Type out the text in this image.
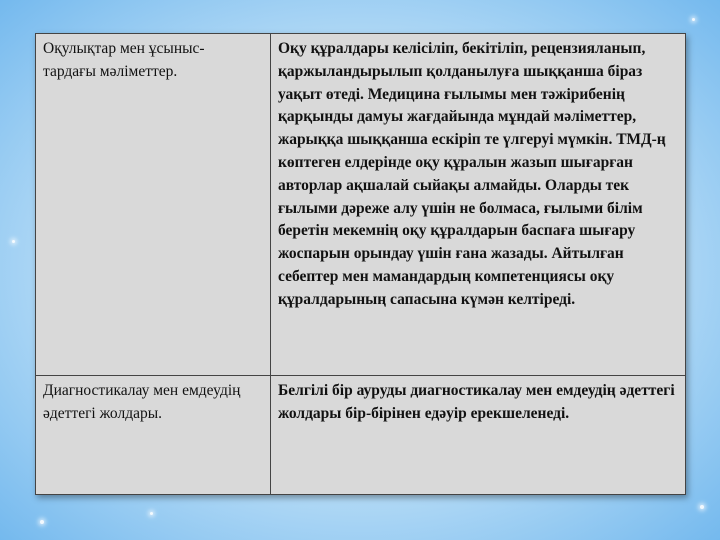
Оқулықтар мен ұсыныс-
тардағы мәліметтер.	Оқу құралдары келісіліп, бекітіліп, рецензияланып, қаржыландырылып қолданылуға шыққанша біраз уақыт өтеді. Медицина ғылымы мен тәжірибенің қарқынды дамуы жағдайында мұндай мәліметтер, жарыққа шыққанша ескіріп те үлгеруі мүмкін. ТМД-ң көптеген елдерінде оқу құралын жазып шығарған авторлар ақшалай сыйақы алмайды. Оларды тек ғылыми дәреже алу үшін не болмаса, ғылыми білім беретін мекемнің оқу құралдарын баспаға шығару жоспарын орындау үшін ғана жазады. Айтылған себептер мен мамандардың компетенциясы оқу құралдарының сапасына күмән келтіреді.
Диагностикалау мен емдеудің әдеттегі жолдары.	Белгілі бір ауруды диагностикалау мен емдеудің әдеттегі жолдары бір-бірінен едәуір ерекшеленеді.
